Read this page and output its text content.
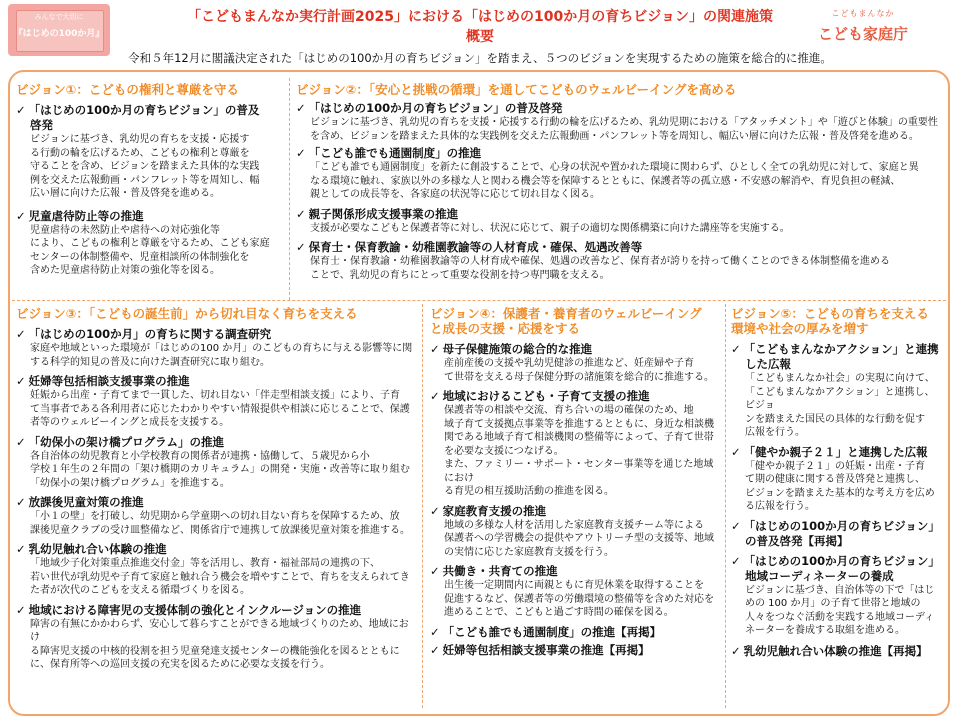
みんなで大切に
『はじめの100か月』
「こどもまんなか実行計画2025」における「はじめの100か月の育ちビジョン」の関連施策
概要
こどもまんなか
こども家庭庁
令和５年12月に閣議決定された「はじめの100か月の育ちビジョン」を踏まえ、５つのビジョンを実現するための施策を総合的に推進。
ビジョン①：こどもの権利と尊厳を守る
✓ 「はじめの100か月の育ちビジョン」の普及
啓発
ビジョンに基づき、乳幼児の育ちを支援・応援す
る行動の輪を広げるため、こどもの権利と尊厳を
守ることを含め、ビジョンを踏まえた具体的な実践
例を交えた広報動画・パンフレット等を周知し、幅
広い層に向けた広報・普及啓発を進める。
✓ 児童虐待防止等の推進
児童虐待の未然防止や虐待への対応強化等
により、こどもの権利と尊厳を守るため、こども家庭
センターの体制整備や、児童相談所の体制強化を
含めた児童虐待防止対策の強化等を図る。
ビジョン②：「安心と挑戦の循環」を通してこどものウェルビーイングを高める
✓ 「はじめの100か月の育ちビジョン」の普及啓発
ビジョンに基づき、乳幼児の育ちを支援・応援する行動の輪を広げるため、乳幼児期における「アタッチメント」や「遊びと体験」の重要性
を含め、ビジョンを踏まえた具体的な実践例を交えた広報動画・パンフレット等を周知し、幅広い層に向けた広報・普及啓発を進める。
✓ 「こども誰でも通園制度」の推進
「こども誰でも通園制度」を新たに創設することで、心身の状況や置かれた環境に関わらず、ひとしく全ての乳幼児に対して、家庭と異
なる環境に触れ、家族以外の多様な人と関わる機会等を保障するとともに、保護者等の孤立感・不安感の解消や、育児負担の軽減、
親としての成長等を、各家庭の状況等に応じて切れ目なく図る。
✓ 親子関係形成支援事業の推進
支援が必要なこどもと保護者等に対し、状況に応じて、親子の適切な関係構築に向けた講座等を実施する。
✓ 保育士・保育教諭・幼稚園教諭等の人材育成・確保、処遇改善等
保育士・保育教諭・幼稚園教諭等の人材育成や確保、処遇の改善など、保育者が誇りを持って働くことのできる体制整備を進める
ことで、乳幼児の育ちにとって重要な役割を持つ専門職を支える。
ビジョン③：「こどもの誕生前」から切れ目なく育ちを支える
✓ 「はじめの100か月」の育ちに関する調査研究
家庭や地域といった環境が「はじめの100 か月」のこどもの育ちに与える影響等に関
する科学的知見の普及に向けた調査研究に取り組む。
✓ 妊婦等包括相談支援事業の推進
妊娠から出産・子育てまで一貫した、切れ目ない「伴走型相談支援」により、子育
て当事者である各利用者に応じたわかりやすい情報提供や相談に応じることで、保護
者等のウェルビーイングと成長を支援する。
✓ 「幼保小の架け橋プログラム」の推進
各自治体の幼児教育と小学校教育の関係者が連携・協働して、５歳児から小
学校１年生の２年間の「架け橋期のカリキュラム」の開発・実施・改善等に取り組む
「幼保小の架け橋プログラム」を推進する。
✓ 放課後児童対策の推進
「小１の壁」を打破し、幼児期から学童期への切れ目ない育ちを保障するため、放
課後児童クラブの受け皿整備など、関係省庁で連携して放課後児童対策を推進する。
✓ 乳幼児触れ合い体験の推進
「地域少子化対策重点推進交付金」等を活用し、教育・福祉部局の連携の下、
若い世代が乳幼児や子育て家庭と触れ合う機会を増やすことで、育ちを支えられてき
た者が次代のこどもを支える循環づくりを図る。
✓ 地域における障害児の支援体制の強化とインクルージョンの推進
障害の有無にかかわらず、安心して暮らすことができる地域づくりのため、地域におけ
る障害児支援の中核的役割を担う児童発達支援センターの機能強化を図るとともに
に、保育所等への巡回支援の充実を図るために必要な支援を行う。
ビジョン④：保護者・養育者のウェルビーイング
と成長の支援・応援をする
✓ 母子保健施策の総合的な推進
産前産後の支援や乳幼児健診の推進など、妊産婦や子育
て世帯を支える母子保健分野の諸施策を総合的に推進する。
✓ 地域におけるこども・子育て支援の推進
保護者等の相談や交流、育ち合いの場の確保のため、地
域子育て支援拠点事業等を推進するとともに、身近な相談機
関である地域子育て相談機関の整備等によって、子育て世帯
を必要な支援につなげる。
また、ファミリー・サポート・センター事業等を通じた地域におけ
る育児の相互援助活動の推進を図る。
✓ 家庭教育支援の推進
地域の多様な人材を活用した家庭教育支援チーム等による
保護者への学習機会の提供やアウトリーチ型の支援等、地域
の実情に応じた家庭教育支援を行う。
✓ 共働き・共育ての推進
出生後一定期間内に両親ともに育児休業を取得することを
促進するなど、保護者等の労働環境の整備等を含めた対応を
進めることで、こどもと過ごす時間の確保を図る。
✓ 「こども誰でも通園制度」の推進【再掲】
✓ 妊婦等包括相談支援事業の推進【再掲】
ビジョン⑤：こどもの育ちを支える
環境や社会の厚みを増す
✓ 「こどもまんなかアクション」と連携
した広報
「こどもまんなか社会」の実現に向けて、
「こどもまんなかアクション」と連携し、ビジョ
ンを踏まえた国民の具体的な行動を促す
広報を行う。
✓ 「健やか親子２１」と連携した広報
「健やか親子２１」の妊娠・出産・子育
て期の健康に関する普及啓発と連携し、
ビジョンを踏まえた基本的な考え方を広め
る広報を行う。
✓ 「はじめの100か月の育ちビジョン」
の普及啓発【再掲】
✓ 「はじめの100か月の育ちビジョン」
地域コーディネーターの養成
ビジョンに基づき、自治体等の下で「はじ
めの 100 か月」の子育て世帯と地域の
人々をつなぐ活動を実践する地域コーディ
ネーターを養成する取組を進める。
✓ 乳幼児触れ合い体験の推進【再掲】
